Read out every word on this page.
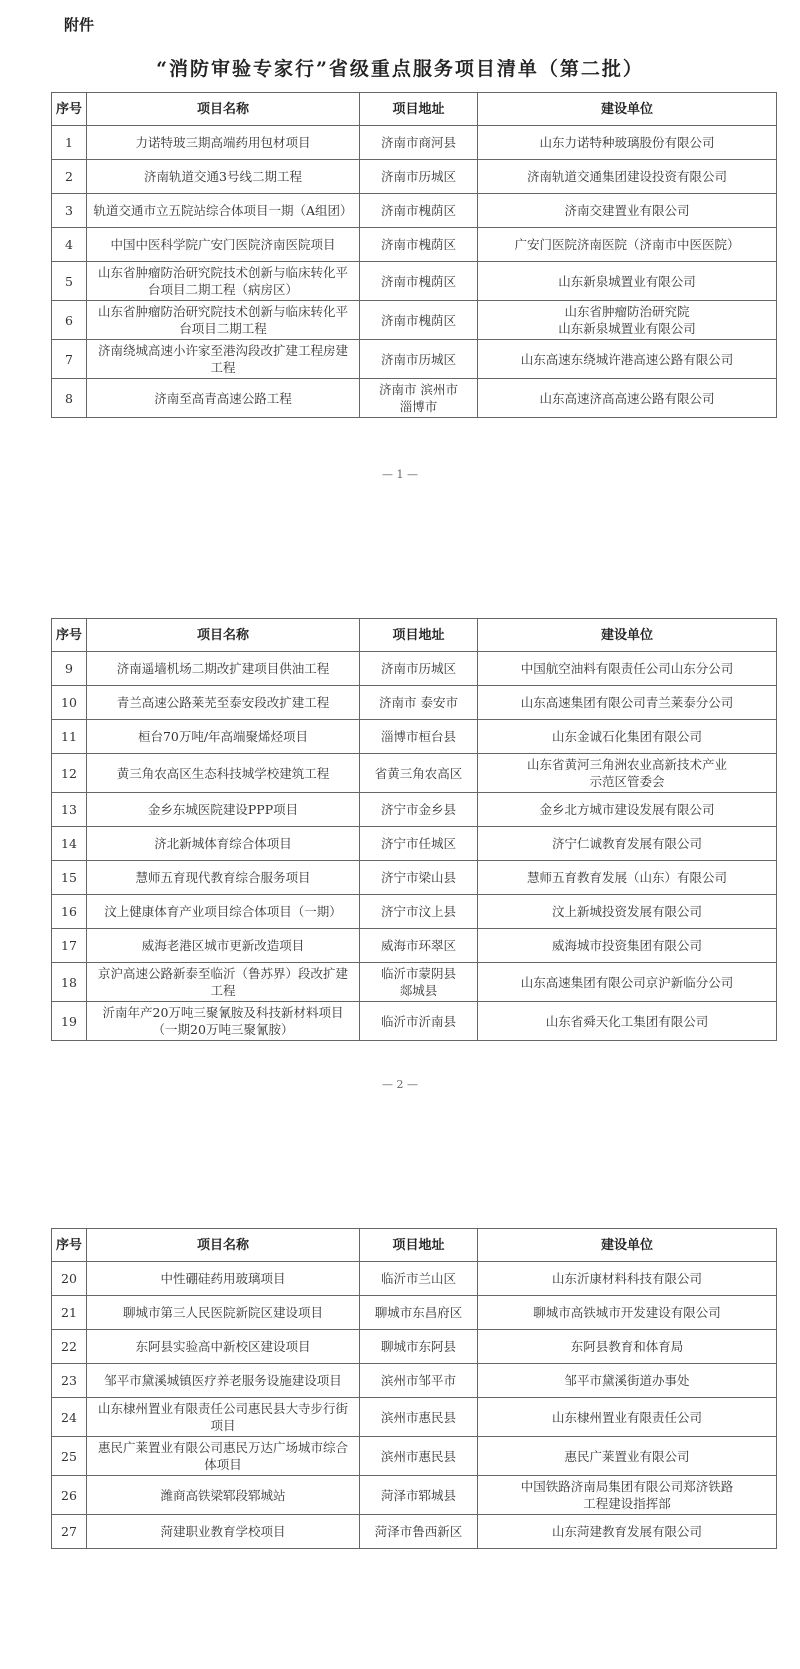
附件
“消防审验专家行”省级重点服务项目清单（第二批）
序号	项目名称	项目地址	建设单位
1	力诺特玻三期高端药用包材项目	济南市商河县	山东力诺特种玻璃股份有限公司
2	济南轨道交通3号线二期工程	济南市历城区	济南轨道交通集团建设投资有限公司
3	轨道交通市立五院站综合体项目一期（A组团）	济南市槐荫区	济南交建置业有限公司
4	中国中医科学院广安门医院济南医院项目	济南市槐荫区	广安门医院济南医院（济南市中医医院）
5	山东省肿瘤防治研究院技术创新与临床转化平
台项目二期工程（病房区）	济南市槐荫区	山东新泉城置业有限公司
6	山东省肿瘤防治研究院技术创新与临床转化平
台项目二期工程	济南市槐荫区	山东省肿瘤防治研究院
山东新泉城置业有限公司
7	济南绕城高速小许家至港沟段改扩建工程房建
工程	济南市历城区	山东高速东绕城许港高速公路有限公司
8	济南至高青高速公路工程	济南市 滨州市
淄博市	山东高速济高高速公路有限公司
— 1 —
序号	项目名称	项目地址	建设单位
9	济南遥墙机场二期改扩建项目供油工程	济南市历城区	中国航空油料有限责任公司山东分公司
10	青兰高速公路莱芜至泰安段改扩建工程	济南市 泰安市	山东高速集团有限公司青兰莱泰分公司
11	桓台70万吨/年高端聚烯烃项目	淄博市桓台县	山东金诚石化集团有限公司
12	黄三角农高区生态科技城学校建筑工程	省黄三角农高区	山东省黄河三角洲农业高新技术产业
示范区管委会
13	金乡东城医院建设PPP项目	济宁市金乡县	金乡北方城市建设发展有限公司
14	济北新城体育综合体项目	济宁市任城区	济宁仁诚教育发展有限公司
15	慧师五育现代教育综合服务项目	济宁市梁山县	慧师五育教育发展（山东）有限公司
16	汶上健康体育产业项目综合体项目（一期）	济宁市汶上县	汶上新城投资发展有限公司
17	威海老港区城市更新改造项目	威海市环翠区	威海城市投资集团有限公司
18	京沪高速公路新泰至临沂（鲁苏界）段改扩建
工程	临沂市蒙阴县
郯城县	山东高速集团有限公司京沪新临分公司
19	沂南年产20万吨三聚氰胺及科技新材料项目
（一期20万吨三聚氰胺）	临沂市沂南县	山东省舜天化工集团有限公司
— 2 —
序号	项目名称	项目地址	建设单位
20	中性硼硅药用玻璃项目	临沂市兰山区	山东沂康材料科技有限公司
21	聊城市第三人民医院新院区建设项目	聊城市东昌府区	聊城市高铁城市开发建设有限公司
22	东阿县实验高中新校区建设项目	聊城市东阿县	东阿县教育和体育局
23	邹平市黛溪城镇医疗养老服务设施建设项目	滨州市邹平市	邹平市黛溪街道办事处
24	山东棣州置业有限责任公司惠民县大寺步行街
项目	滨州市惠民县	山东棣州置业有限责任公司
25	惠民广莱置业有限公司惠民万达广场城市综合
体项目	滨州市惠民县	惠民广莱置业有限公司
26	潍商高铁梁郓段郓城站	菏泽市郓城县	中国铁路济南局集团有限公司郑济铁路
工程建设指挥部
27	菏建职业教育学校项目	菏泽市鲁西新区	山东菏建教育发展有限公司
